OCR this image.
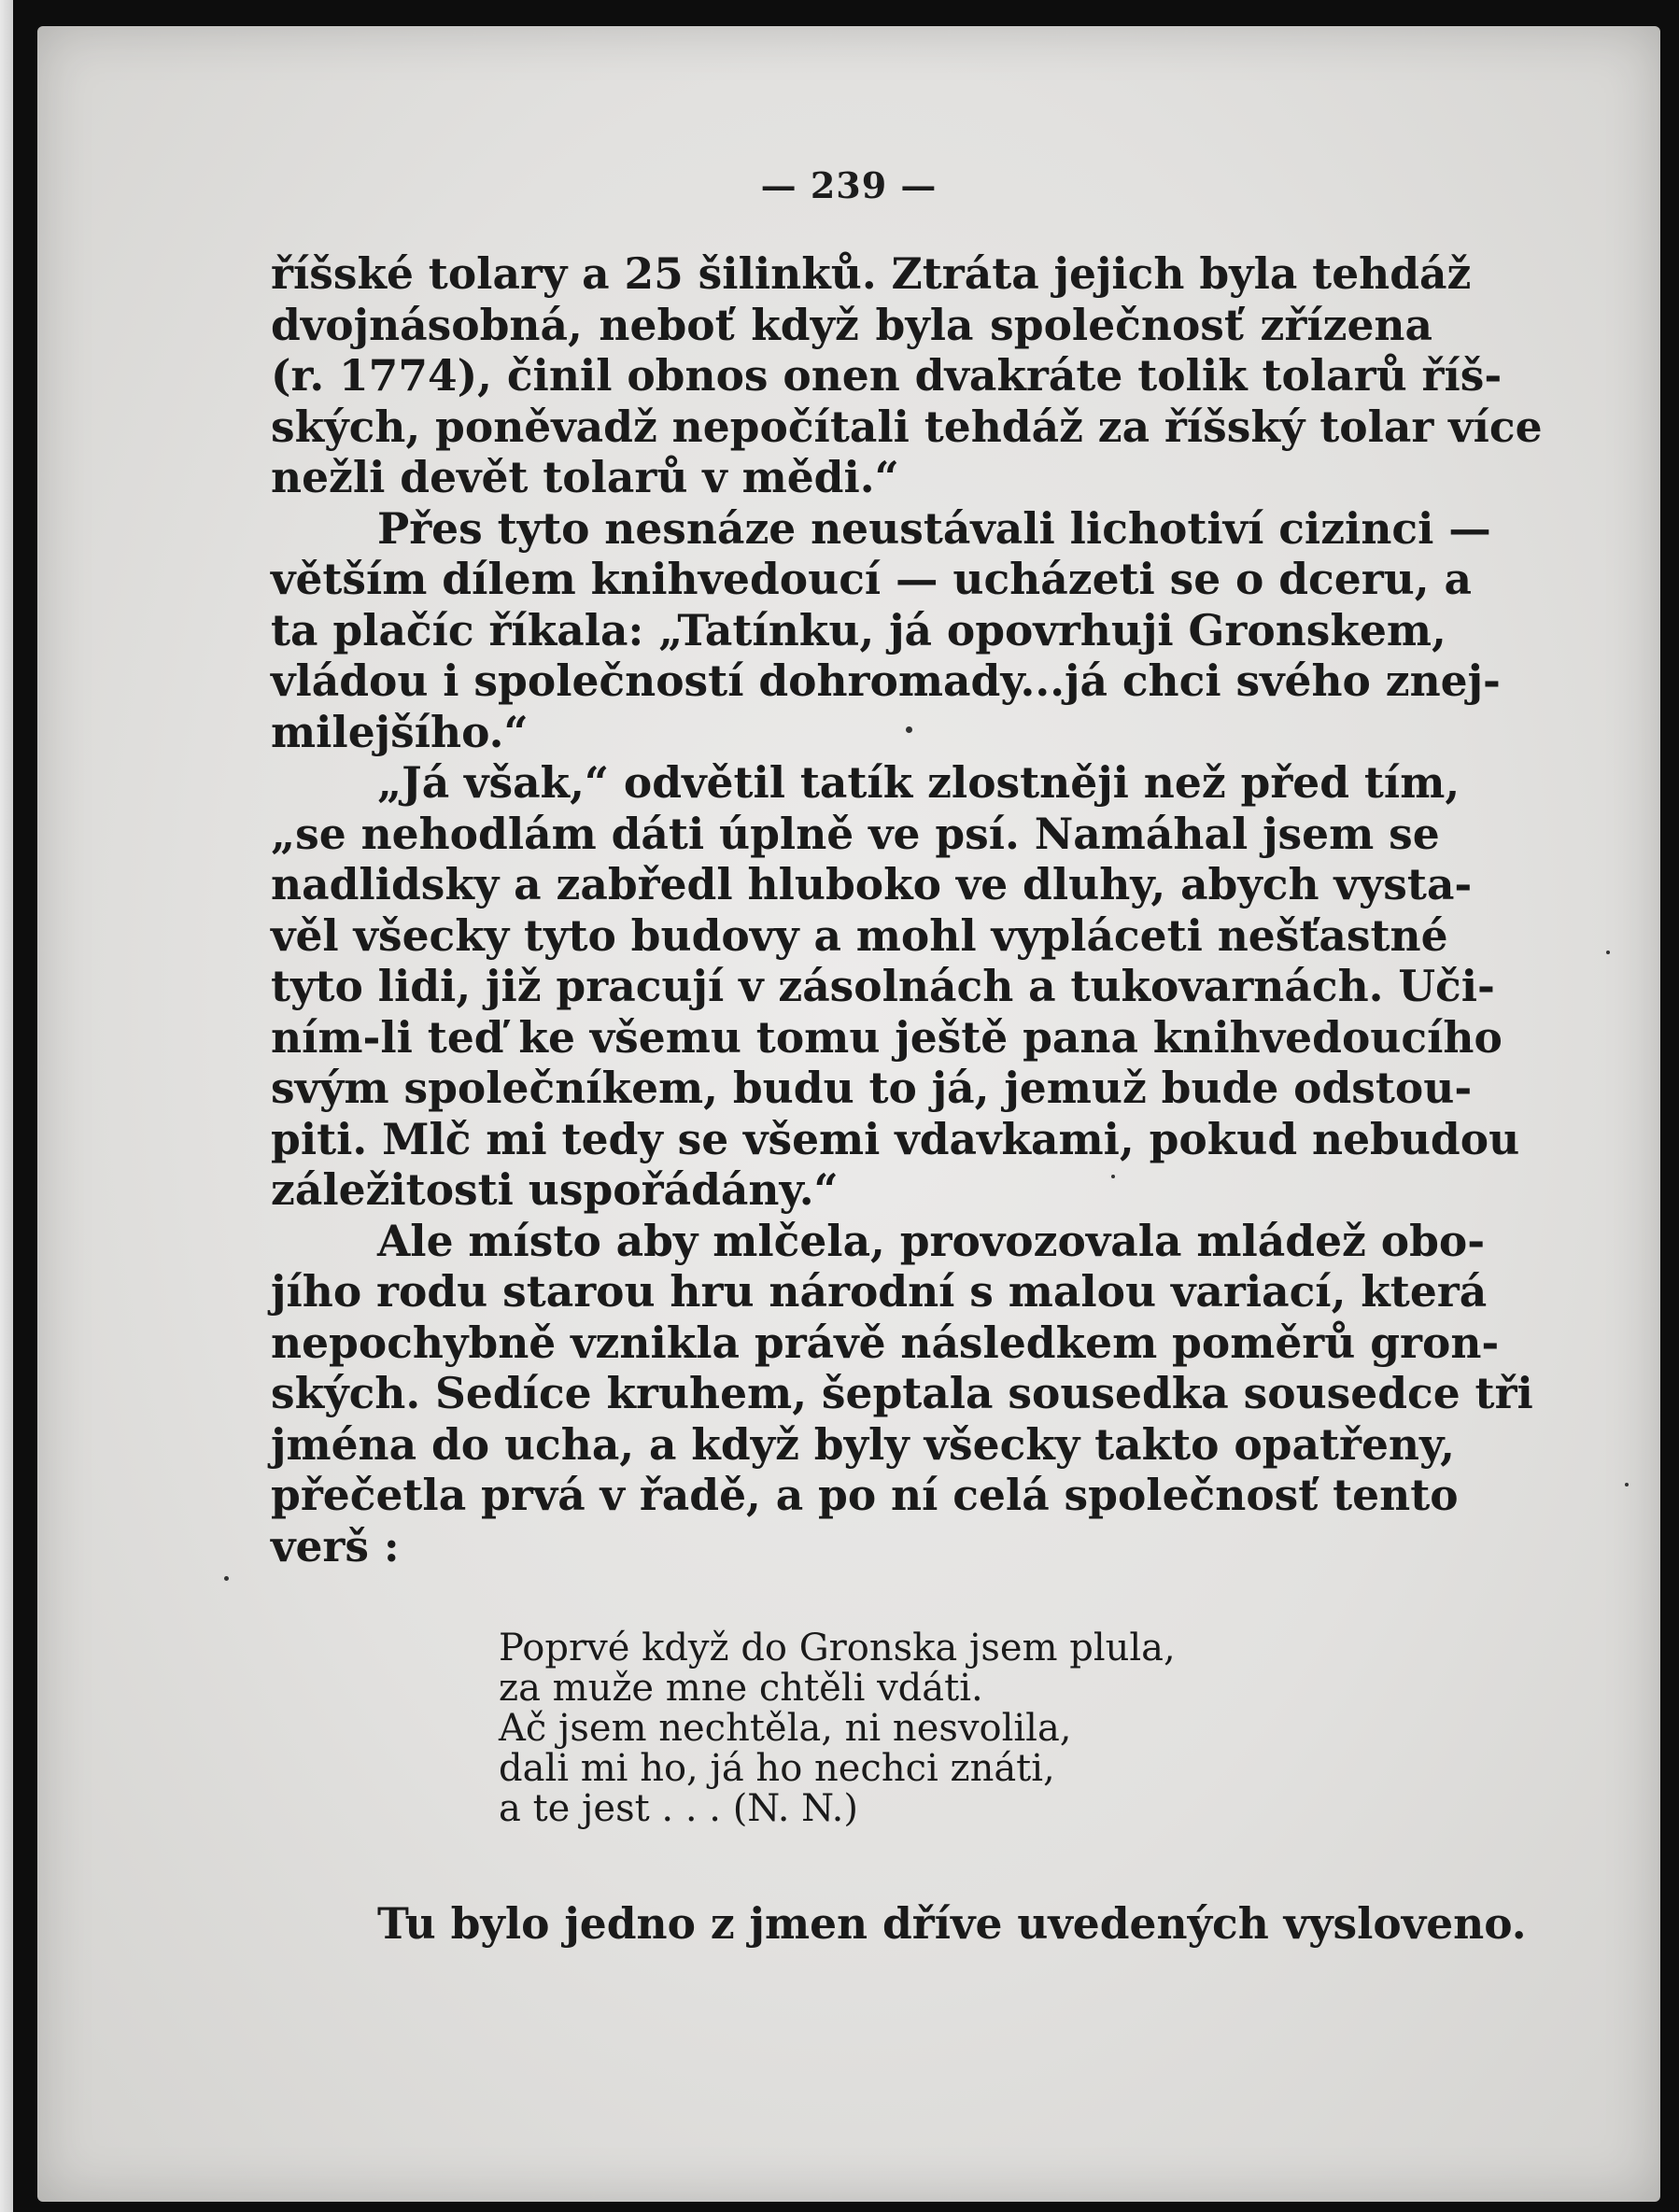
— 239 —
říšské tolary a 25 šilinků. Ztráta jejich byla tehdáž
dvojnásobná, neboť když byla společnosť zřízena
(r. 1774), činil obnos onen dvakráte tolik tolarů říš-
ských, poněvadž nepočítali tehdáž za říšský tolar více
nežli devět tolarů v mědi.“
Přes tyto nesnáze neustávali lichotiví cizinci —
větším dílem knihvedoucí — ucházeti se o dceru, a
ta plačíc říkala: „Tatínku, já opovrhuji Gronskem,
vládou i společností dohromady...já chci svého znej-
milejšího.“
„Já však,“ odvětil tatík zlostněji než před tím,
„se nehodlám dáti úplně ve psí. Namáhal jsem se
nadlidsky a zabředl hluboko ve dluhy, abych vysta-
věl všecky tyto budovy a mohl vypláceti nešťastné
tyto lidi, již pracují v zásolnách a tukovarnách. Uči-
ním-li teď ke všemu tomu ještě pana knihvedoucího
svým společníkem, budu to já, jemuž bude odstou-
piti. Mlč mi tedy se všemi vdavkami, pokud nebudou
záležitosti uspořádány.“
Ale místo aby mlčela, provozovala mládež obo-
jího rodu starou hru národní s malou variací, která
nepochybně vznikla právě následkem poměrů gron-
ských. Sedíce kruhem, šeptala sousedka sousedce tři
jména do ucha, a když byly všecky takto opatřeny,
přečetla prvá v řadě, a po ní celá společnosť tento
verš :
Poprvé když do Gronska jsem plula,
za muže mne chtěli vdáti.
Ač jsem nechtěla, ni nesvolila,
dali mi ho, já ho nechci znáti,
a te jest . . . (N. N.)
Tu bylo jedno z jmen dříve uvedených vysloveno.
